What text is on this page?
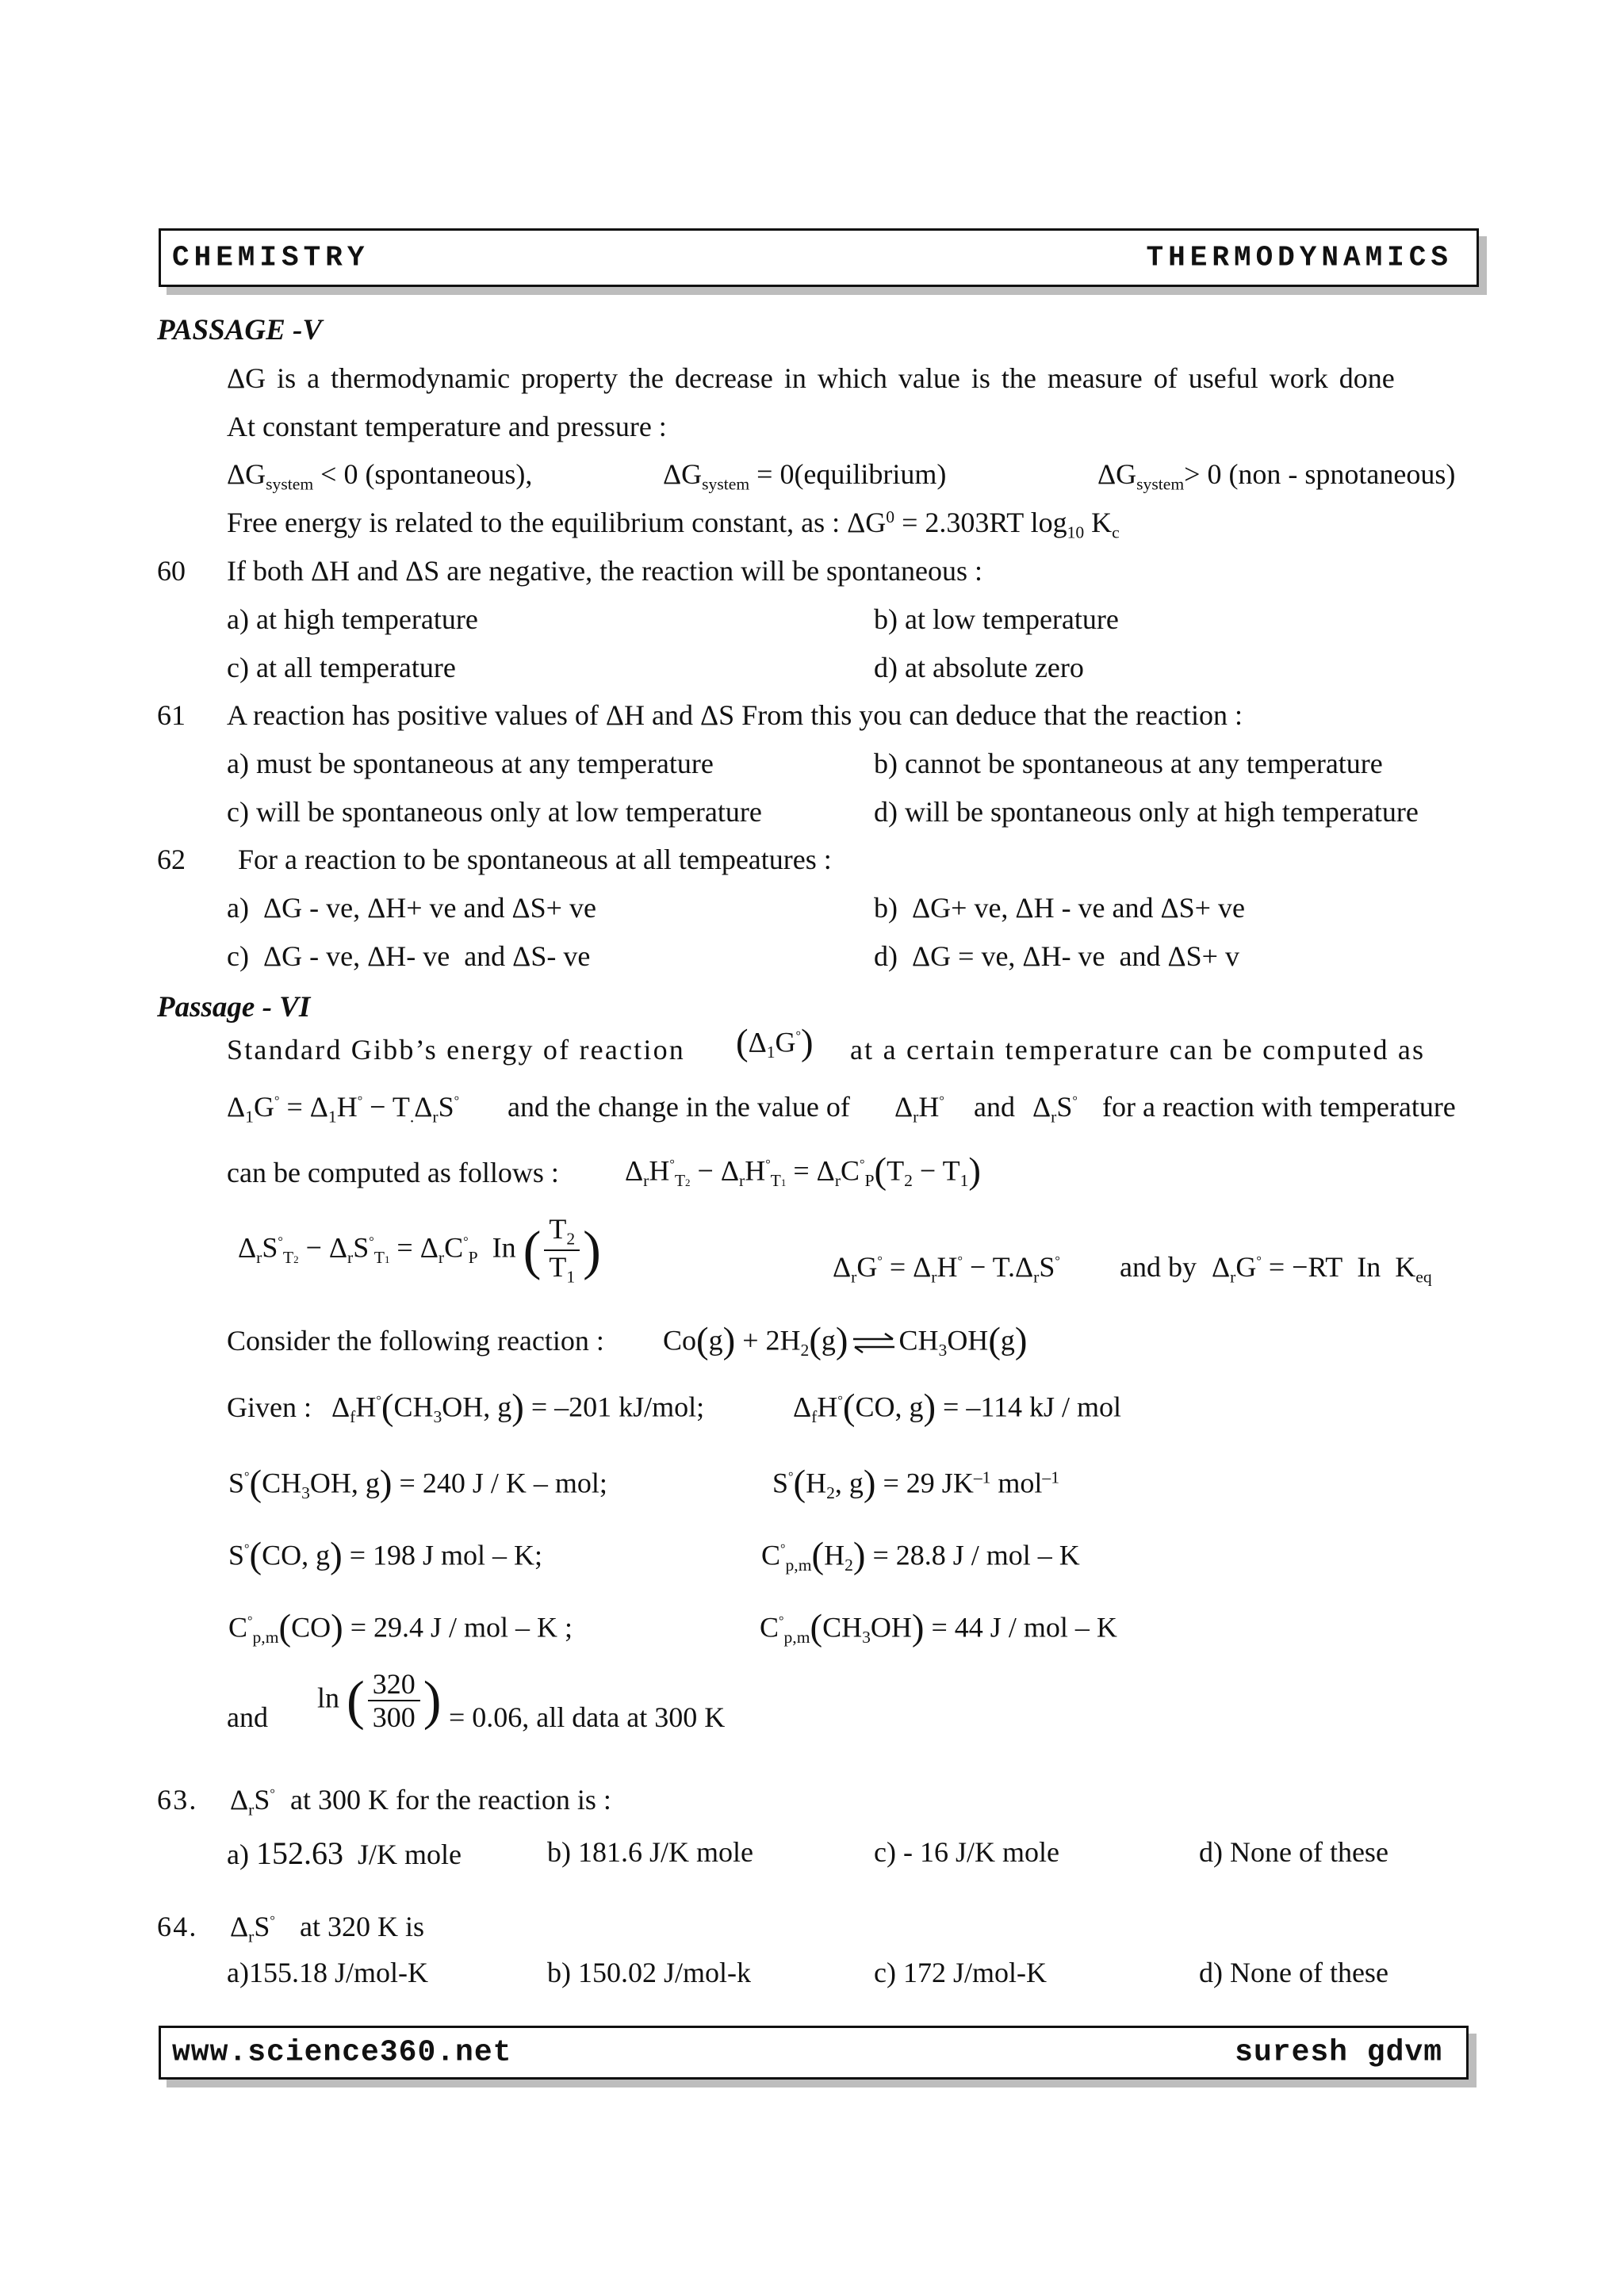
CHEMISTRY	THERMODYNAMICS
PASSAGE -V
ΔG is a thermodynamic property the decrease in which value is the measure of useful work done
At constant temperature and pressure :
$\Delta G_{system} < 0$ (spontaneous),	$\Delta G_{system}$ = 0(equilibrium)	$\Delta G_{system}> 0$ (non - spnotaneous)
Free energy is related to the equilibrium constant, as : $\Delta G^0 = 2.303RT$ $\log_{10} K_c$
60 If both ΔH and ΔS are negative, the reaction will be spontaneous :
a) at high temperature	b) at low temperature
c) at all temperature	d) at absolute zero
61 A reaction has positive values of ΔH and ΔS From this you can deduce that the reaction :
a) must be spontaneous at any temperature	b) cannot be spontaneous at any temperature
c) will be spontaneous only at low temperature	d) will be spontaneous only at high temperature
62 For a reaction to be spontaneous at all tempeatures :
a)  ΔG - ve, ΔH+ ve and ΔS+ ve	b)  ΔG+ ve, ΔH - ve and ΔS+ ve
c)  ΔG - ve, ΔH- ve  and ΔS- ve	d)  ΔG = ve, ΔH- ve  and ΔS+ v
Passage - VI
Standard Gibb’s energy of reaction $(\Delta_1G^\circ)$ at a certain temperature can be computed as
$\Delta_1G^\circ = \Delta_1H^\circ - T_.\Delta_rS^\circ$ and the change in the value of $\Delta_rH^\circ$ and $\Delta_rS^\circ$ for a reaction with temperature
can be computed as follows : $\Delta_rH^\circ_{T2} - \Delta_rH^\circ_{T1} = \Delta_rC^\circ_P(T_2 - T_1)$
$\Delta_rS^\circ_{T2} - \Delta_rS^\circ_{T1} = \Delta_rC^\circ_P$ In ( $\frac{T_2}{T_1}$ )	$\Delta_rG^\circ = \Delta_rH^\circ - T.\Delta_rS^\circ$ and by $\Delta_rG^\circ = -RT$  In  $K_{eq}$
Consider the following reaction : $Co(g) + 2H_2(g)$ ⇌ $CH_3OH(g)$
Given : $\Delta_fH^\circ(CH_3OH$, g) = –201 kJ/mol;	$\Delta_fH^\circ(CO$, g) = –114 kJ / mol
$S^\circ(CH_3OH$, g) = 240 J / K – mol;	$S^\circ(H_2$, g) = 29 $JK^{-1}$ mol$^{-1}$
S°(CO, g) = 198 J mol – K;	$C^\circ_{p,m}(H_2) = 28.8$ J / mol – K
$C^\circ_{p,m}(CO) = 29.4$ J / mol – K ;	$C^\circ_{p,m}(CH_3OH) = 44$ J / mol – K
and
ln ( $\frac{320}{300}$ ) = 0.06, all data at 300 K
63. $\Delta_rS^\circ$ at 300 K for the reaction is :
a) 152.63 J/K mole	b) 181.6 J/K mole	c) - 16 J/K mole	d) None of these
64. $\Delta_rS^\circ$ at 320 K is
a)155.18 J/mol-K	b) 150.02 J/mol-k	c) 172 J/mol-K	d) None of these
www.science360.net	suresh gdvm
